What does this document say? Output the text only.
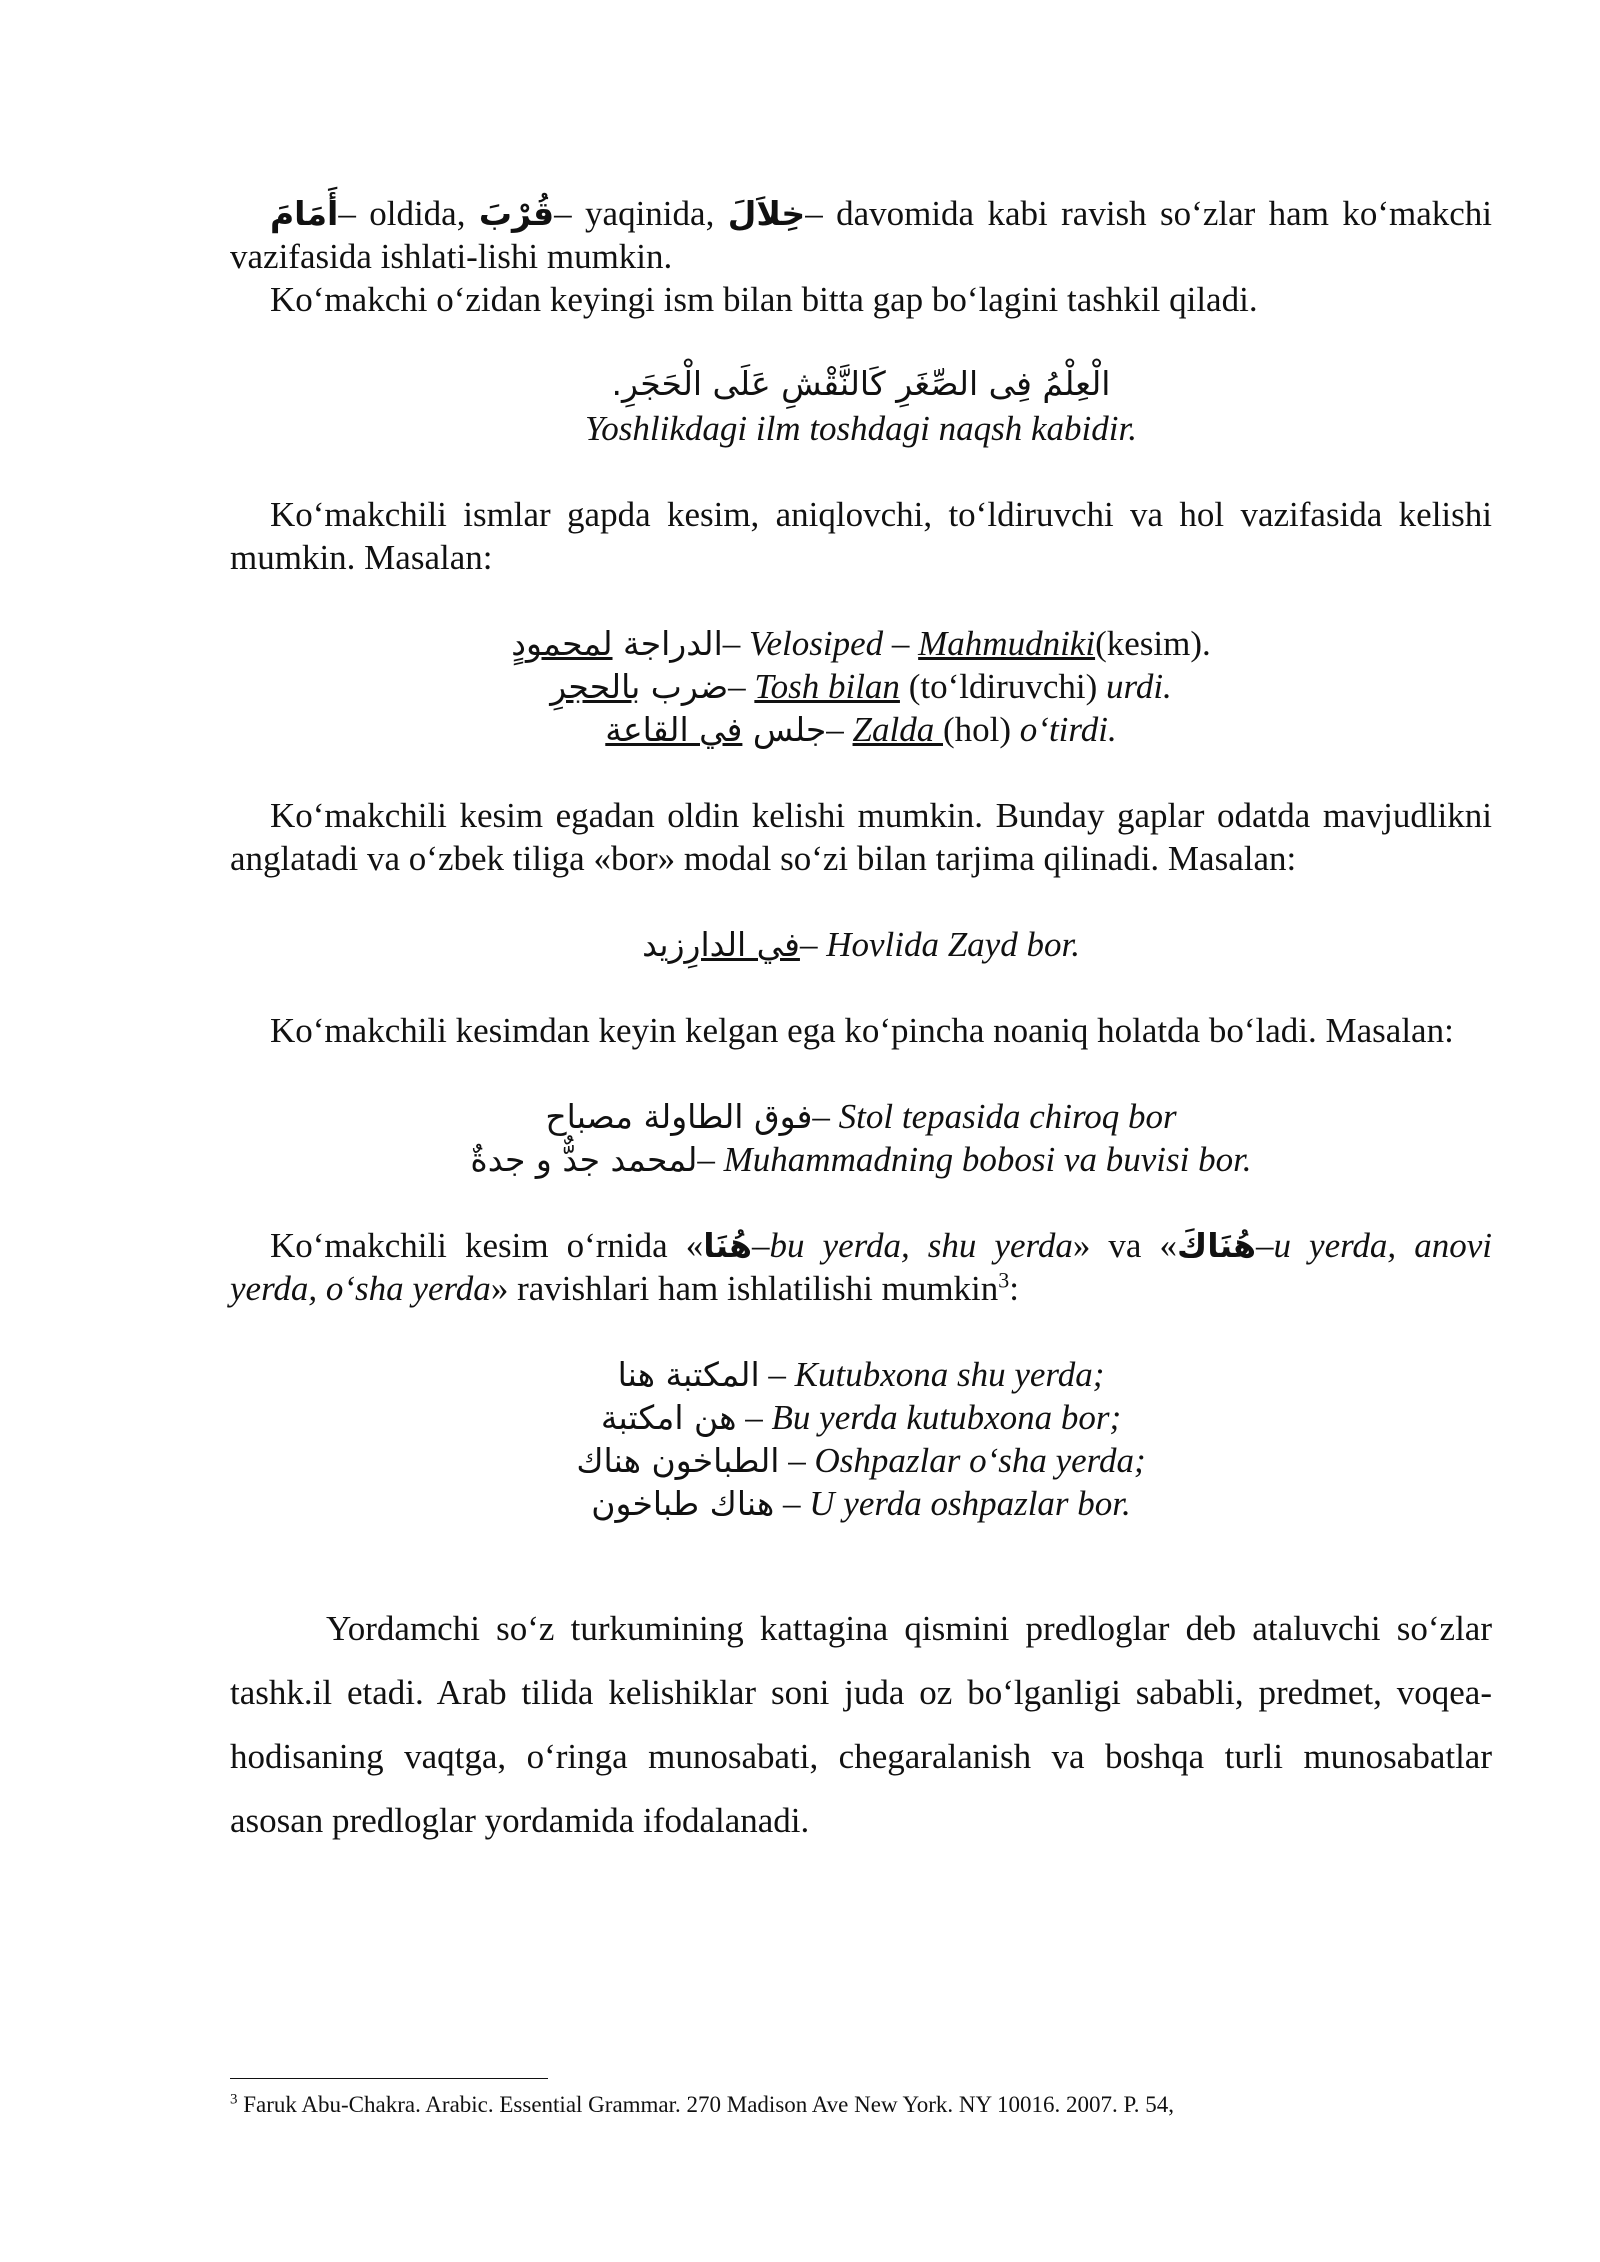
أَمَامَ– oldida, قُرْبَ– yaqinida, خِلاَلَ– davomida kabi ravish so‘zlar ham ko‘makchi vazifasida ishlati-lishi mumkin.

Ko‘makchi o‘zidan keyingi ism bilan bitta gap bo‘lagini tashkil qiladi.

الْعِلْمُ فِى الصِّغَرِ كَالنَّقْشِ عَلَى الْحَجَرِ.
Yoshlikdagi ilm toshdagi naqsh kabidir.

Ko‘makchili ismlar gapda kesim, aniqlovchi, to‘ldiruvchi va hol vazifasida kelishi mumkin. Masalan:

الدراجة لمحمودٍ	– Velosiped – Mahmudniki(kesim).
ضرب بالحجرِ	– Tosh bilan (to‘ldiruvchi) urdi.
جلس في القاعة – Zalda (hol) o‘tirdi.

Ko‘makchili kesim egadan oldin kelishi mumkin. Bunday gaplar odatda mavjudlikni anglatadi va o‘zbek tiliga «bor» modal so‘zi bilan tarjima qilinadi. Masalan:

في الدارِزيد	– Hovlida Zayd bor.

Ko‘makchili kesimdan keyin kelgan ega ko‘pincha noaniq holatda bo‘ladi. Masalan:

فوق الطاولة مصباح– Stol tepasida chiroq bor
لمحمد جدٌّ و جدةٌ– Muhammadning bobosi va buvisi bor.

Ko‘makchili kesim o‘rnida «هُنَا–bu yerda, shu yerda» va «هُنَاكَ–u yerda, anovi yerda, o‘sha yerda» ravishlari ham ishlatilishi mumkin$^3$:

المكتبة هنا – Kutubxona shu yerda;
هن امكتبة – Bu yerda kutubxona bor;
الطباخون هناك – Oshpazlar o‘sha yerda;
هناك طباخون – U yerda oshpazlar bor.

Yordamchi so‘z turkumining kattagina qismini predloglar deb ataluvchi so‘zlar tashk.il etadi. Arab tilida kelishiklar soni juda oz bo‘lganligi sababli, predmet, voqea-hodisaning vaqtga, o‘ringa munosabati, chegaralanish va boshqa turli munosabatlar asosan predloglar yordamida ifodalanadi.

$^3$ Faruk Abu-Chakra. Arabic. Essential Grammar. 270 Madison Ave New York. NY 10016. 2007. P. 54,
